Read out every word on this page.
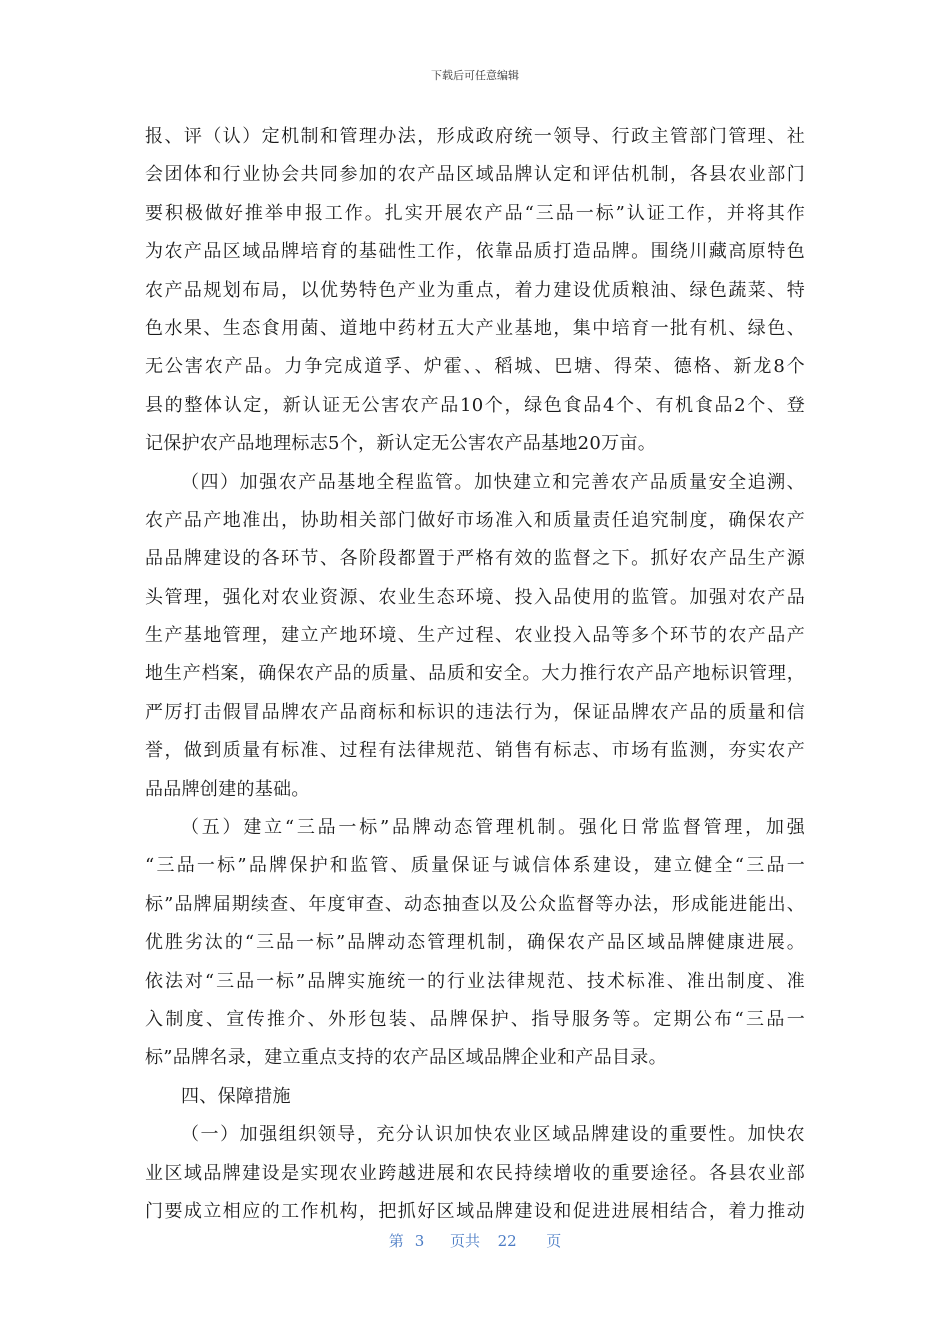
下载后可任意编辑
报、评（认）定机制和管理办法，形成政府统一领导、行政主管部门管理、社
会团体和行业协会共同参加的农产品区域品牌认定和评估机制，各县农业部门
要积极做好推举申报工作。扎实开展农产品“三品一标”认证工作，并将其作
为农产品区域品牌培育的基础性工作，依靠品质打造品牌。围绕川藏高原特色
农产品规划布局，以优势特色产业为重点，着力建设优质粮油、绿色蔬菜、特
色水果、生态食用菌、道地中药材五大产业基地，集中培育一批有机、绿色、
无公害农产品。力争完成道孚、炉霍、、稻城、巴塘、得荣、德格、新龙8个
县的整体认定，新认证无公害农产品10个，绿色食品4个、有机食品2个、登
记保护农产品地理标志5个，新认定无公害农产品基地20万亩。
（四）加强农产品基地全程监管。加快建立和完善农产品质量安全追溯、
农产品产地准出，协助相关部门做好市场准入和质量责任追究制度，确保农产
品品牌建设的各环节、各阶段都置于严格有效的监督之下。抓好农产品生产源
头管理，强化对农业资源、农业生态环境、投入品使用的监管。加强对农产品
生产基地管理，建立产地环境、生产过程、农业投入品等多个环节的农产品产
地生产档案，确保农产品的质量、品质和安全。大力推行农产品产地标识管理，
严厉打击假冒品牌农产品商标和标识的违法行为，保证品牌农产品的质量和信
誉，做到质量有标准、过程有法律规范、销售有标志、市场有监测，夯实农产
品品牌创建的基础。
（五）建立“三品一标”品牌动态管理机制。强化日常监督管理，加强
“三品一标”品牌保护和监管、质量保证与诚信体系建设，建立健全“三品一
标”品牌届期续查、年度审查、动态抽查以及公众监督等办法，形成能进能出、
优胜劣汰的“三品一标”品牌动态管理机制，确保农产品区域品牌健康进展。
依法对“三品一标”品牌实施统一的行业法律规范、技术标准、准出制度、准
入制度、宣传推介、外形包装、品牌保护、指导服务等。定期公布“三品一
标”品牌名录，建立重点支持的农产品区域品牌企业和产品目录。
四、保障措施
（一）加强组织领导，充分认识加快农业区域品牌建设的重要性。加快农
业区域品牌建设是实现农业跨越进展和农民持续增收的重要途径。各县农业部
门要成立相应的工作机构，把抓好区域品牌建设和促进进展相结合，着力推动
第 3 页共 22 页
